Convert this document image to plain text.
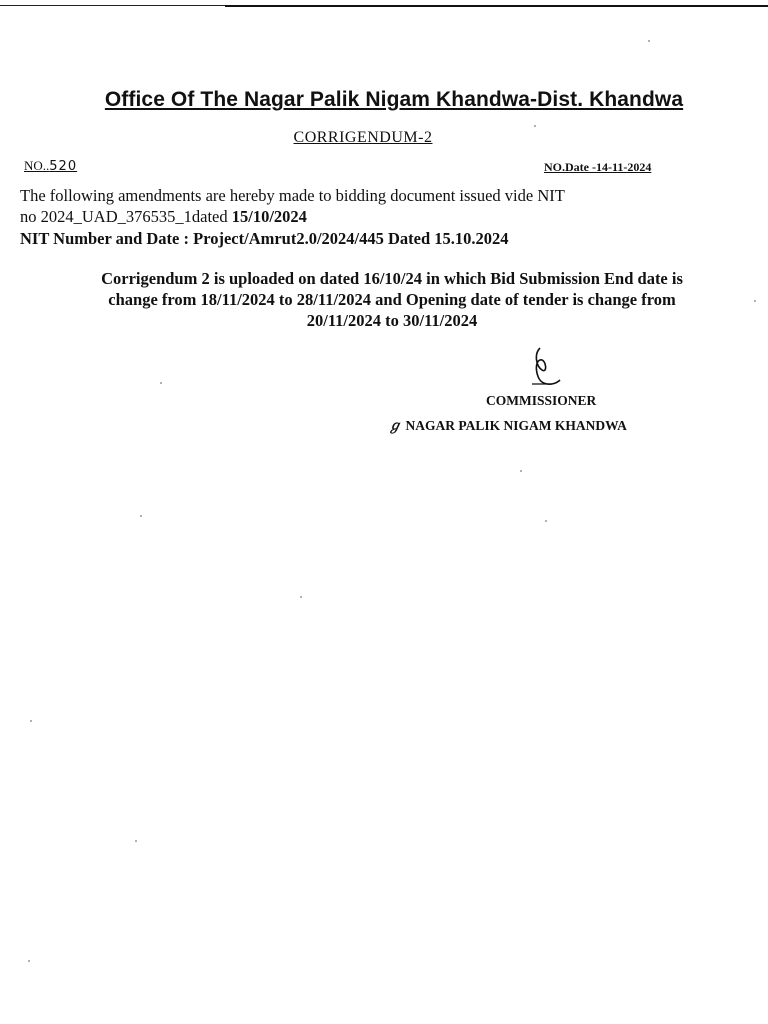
Office Of The Nagar Palik Nigam Khandwa-Dist. Khandwa
CORRIGENDUM-2
NO..520	NO.Date -14-11-2024
The following amendments are hereby made to bidding document issued vide NIT
no 2024_UAD_376535_1dated 15/10/2024
NIT Number and Date : Project/Amrut2.0/2024/445 Dated 15.10.2024
Corrigendum 2 is uploaded on dated 16/10/24 in which Bid Submission End date is
change from 18/11/2024 to 28/11/2024 and Opening date of tender is change from
20/11/2024 to 30/11/2024
COMMISSIONER
ℊ NAGAR PALIK NIGAM KHANDWA
